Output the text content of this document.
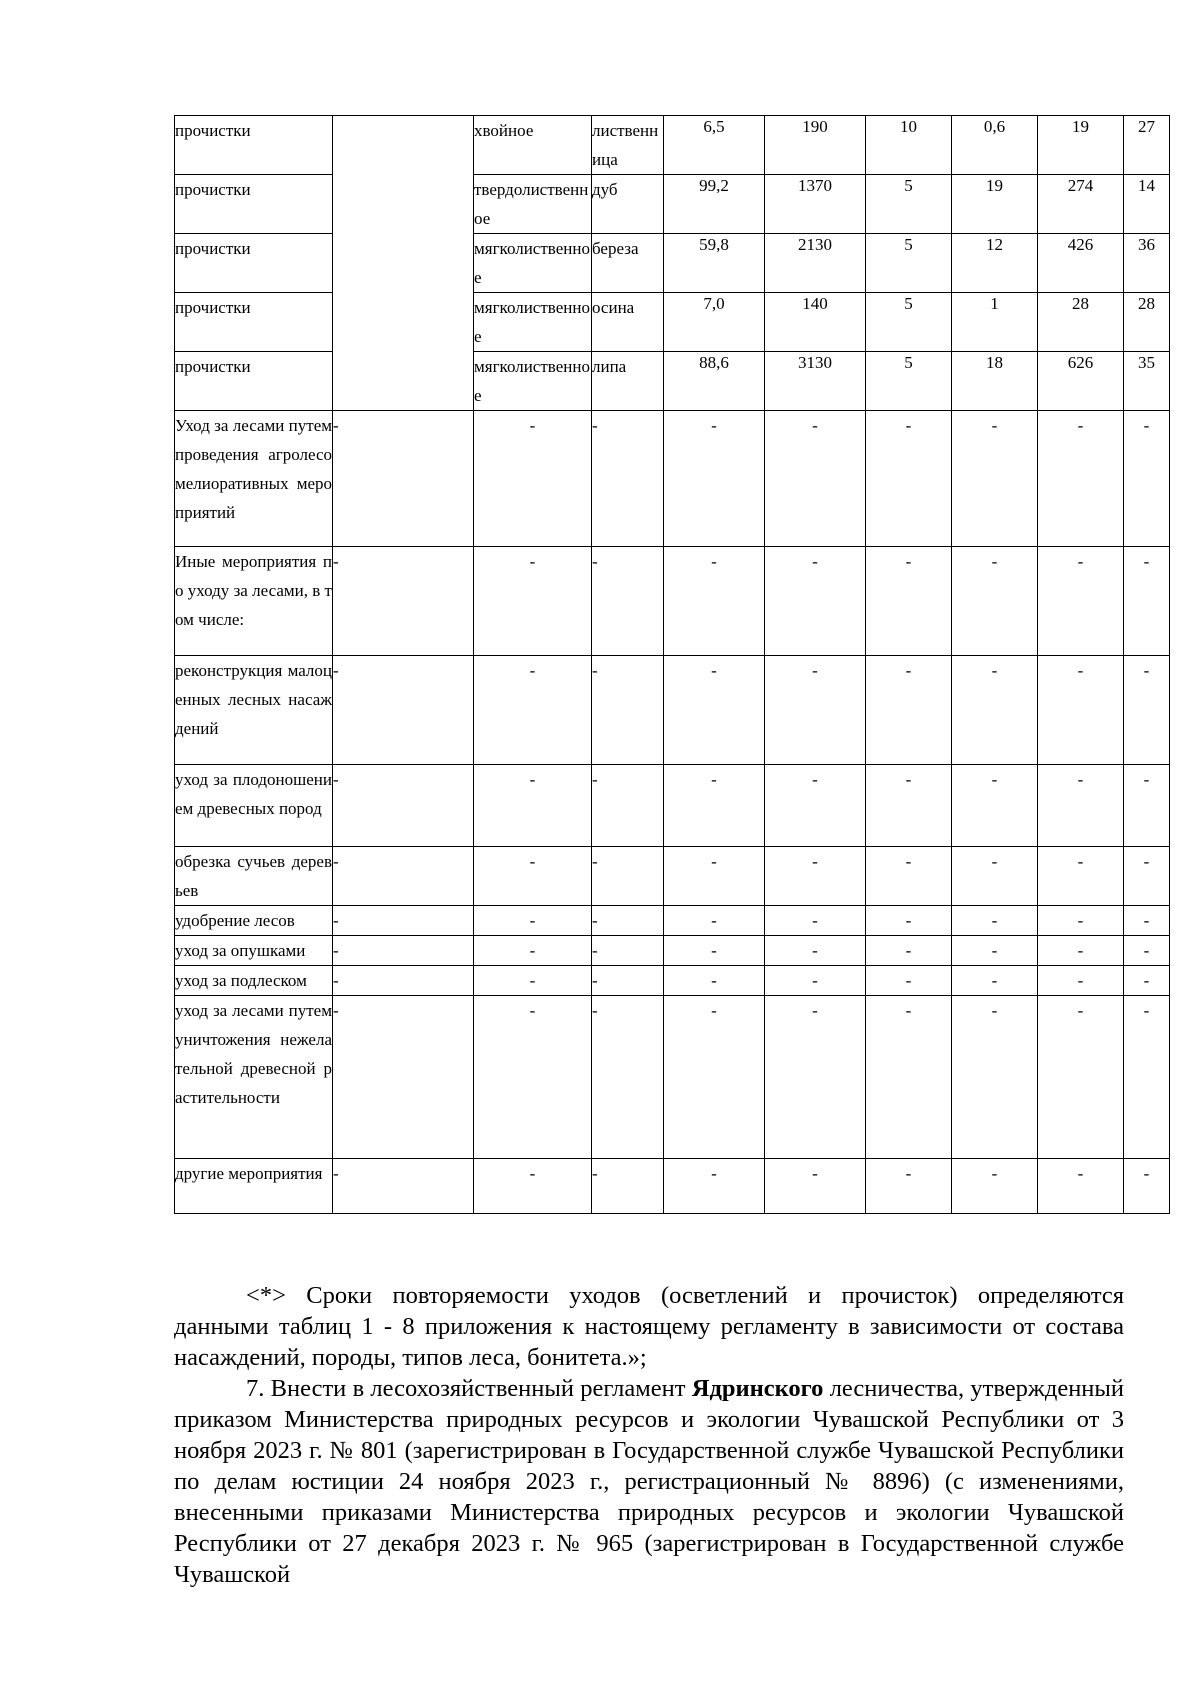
прочистки		хвойное	лиственница	6,5	190	10	0,6	19	27
прочистки		твердолиственное	дуб	99,2	1370	5	19	274	14
прочистки		мягколиственное	береза	59,8	2130	5	12	426	36
прочистки		мягколиственное	осина	7,0	140	5	1	28	28
прочистки		мягколиственное	липа	88,6	3130	5	18	626	35
Уход за лесами путем проведения агролесомелиоративных мероприятий	-	-	-	-	-	-	-	-	-
Иные мероприятия по уходу за лесами, в том числе:	-	-	-	-	-	-	-	-	-
реконструкция малоценных лесных насаждений	-	-	-	-	-	-	-	-	-
уход за плодоношением древесных пород	-	-	-	-	-	-	-	-	-
обрезка сучьев деревьев	-	-	-	-	-	-	-	-	-
удобрение лесов	-	-	-	-	-	-	-	-	-
уход за опушками	-	-	-	-	-	-	-	-	-
уход за подлеском	-	-	-	-	-	-	-	-	-
уход за лесами путем уничтожения нежелательной древесной растительности	-	-	-	-	-	-	-	-	-
другие мероприятия	-	-	-	-	-	-	-	-	-

<*> Сроки повторяемости уходов (осветлений и прочисток) определяются данными таблиц 1 - 8 приложения к настоящему регламенту в зависимости от состава насаждений, породы, типов леса, бонитета.»;

7. Внести в лесохозяйственный регламент Ядринского лесничества, утвержденный приказом Министерства природных ресурсов и экологии Чувашской Республики от 3 ноября 2023 г. № 801 (зарегистрирован в Государственной службе Чувашской Республики по делам юстиции 24 ноября 2023 г., регистрационный № 8896) (с изменениями, внесенными приказами Министерства природных ресурсов и экологии Чувашской Республики от 27 декабря 2023 г. № 965 (зарегистрирован в Государственной службе Чувашской
